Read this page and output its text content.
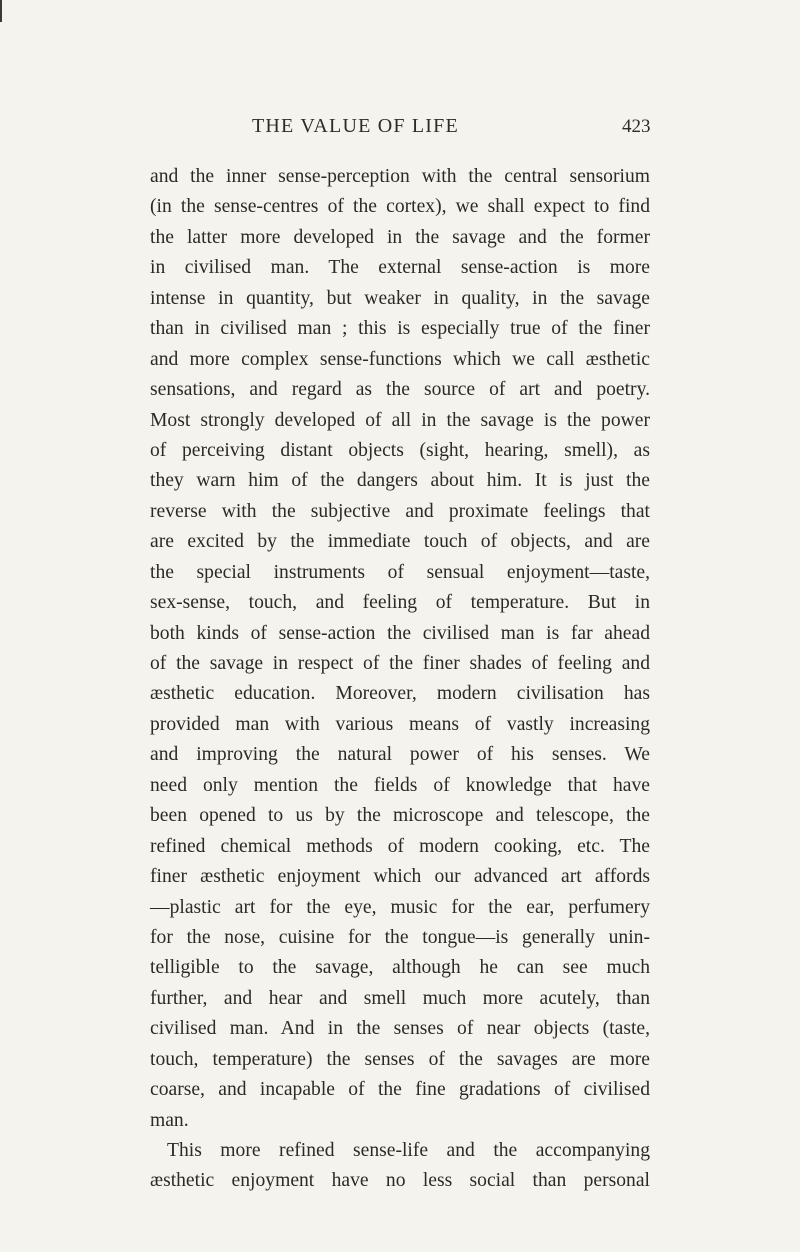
THE VALUE OF LIFE	423
and the inner sense-perception with the central sensorium
(in the sense-centres of the cortex), we shall expect to find
the latter more developed in the savage and the former
in civilised man. The external sense-action is more
intense in quantity, but weaker in quality, in the savage
than in civilised man ; this is especially true of the finer
and more complex sense-functions which we call æsthetic
sensations, and regard as the source of art and poetry.
Most strongly developed of all in the savage is the power
of perceiving distant objects (sight, hearing, smell), as
they warn him of the dangers about him. It is just the
reverse with the subjective and proximate feelings that
are excited by the immediate touch of objects, and are
the special instruments of sensual enjoyment—taste,
sex-sense, touch, and feeling of temperature. But in
both kinds of sense-action the civilised man is far ahead
of the savage in respect of the finer shades of feeling and
æsthetic education. Moreover, modern civilisation has
provided man with various means of vastly increasing
and improving the natural power of his senses. We
need only mention the fields of knowledge that have
been opened to us by the microscope and telescope, the
refined chemical methods of modern cooking, etc. The
finer æsthetic enjoyment which our advanced art affords
—plastic art for the eye, music for the ear, perfumery
for the nose, cuisine for the tongue—is generally unin-
telligible to the savage, although he can see much
further, and hear and smell much more acutely, than
civilised man. And in the senses of near objects (taste,
touch, temperature) the senses of the savages are more
coarse, and incapable of the fine gradations of civilised
man.
This more refined sense-life and the accompanying
æsthetic enjoyment have no less social than personal
